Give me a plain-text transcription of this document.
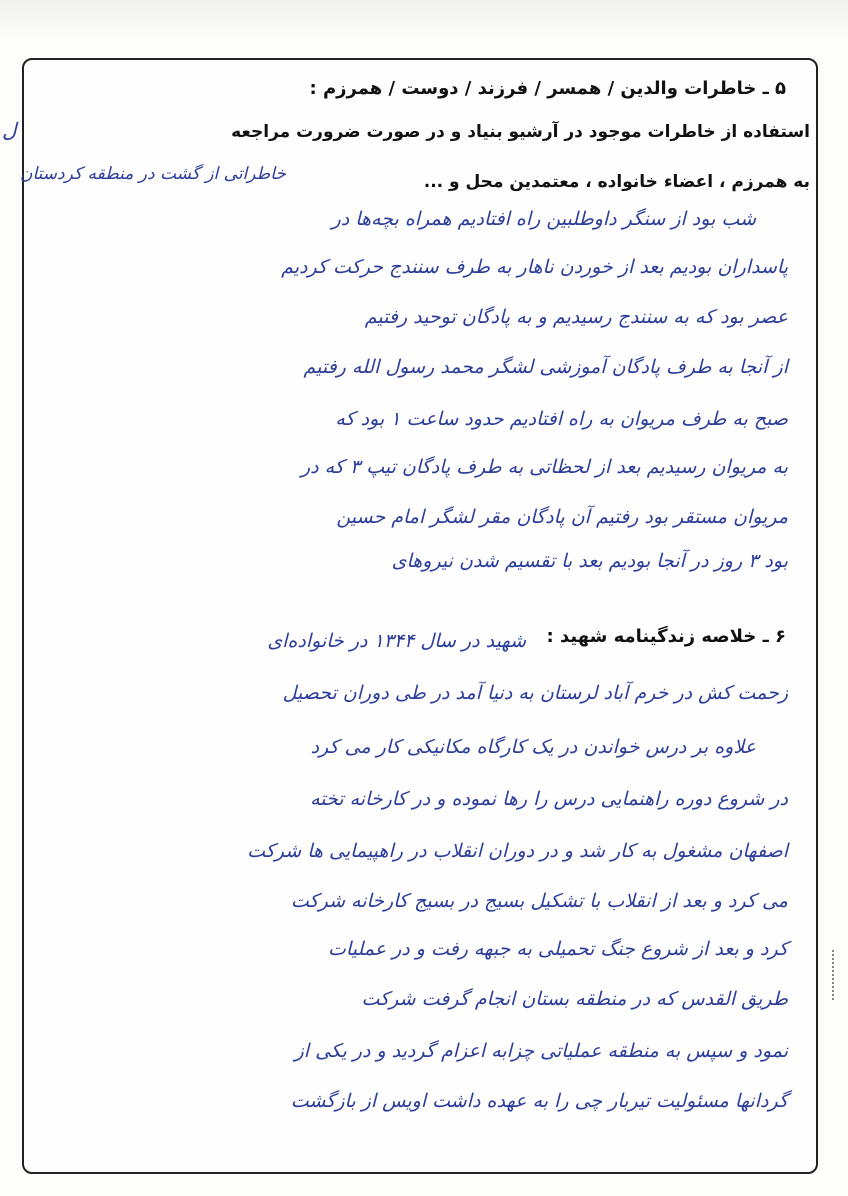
ل
۵ ـ خاطرات والدین / همسر / فرزند / دوست / همرزم :
استفاده از خاطرات موجود در آرشیو بنیاد و در صورت ضرورت مراجعه
به همرزم ، اعضاء خانواده ، معتمدین محل و ...
خاطراتی از گشت در منطقه کردستان
شب بود از سنگر داوطلبین راه افتادیم همراه بچه‌ها در
پاسداران بودیم بعد از خوردن ناهار به طرف سنندج حرکت کردیم
عصر بود که به سنندج رسیدیم و به پادگان توحید رفتیم
از آنجا به طرف پادگان آموزشی لشگر محمد رسول الله رفتیم
صبح به طرف مریوان به راه افتادیم حدود ساعت ۱ بود که
به مریوان رسیدیم بعد از لحظاتی به طرف پادگان تیپ ۳ که در
مریوان مستقر بود رفتیم آن پادگان مقر لشگر امام حسین
بود ۳ روز در آنجا بودیم بعد با تقسیم شدن نیروهای
۶ ـ خلاصه زندگینامه شهید :
شهید در سال ۱۳۴۴ در خانواده‌ای
زحمت کش در خرم آباد لرستان به دنیا آمد در طی دوران تحصیل
علاوه بر درس خواندن در یک کارگاه مکانیکی کار می کرد
در شروع دوره راهنمایی درس را رها نموده و در کارخانه تخته
اصفهان مشغول به کار شد و در دوران انقلاب در راهپیمایی ها شرکت
می کرد و بعد از انقلاب با تشکیل بسیج در بسیج کارخانه شرکت
کرد و بعد از شروع جنگ تحمیلی به جبهه رفت و در عملیات
طریق القدس که در منطقه بستان انجام گرفت شرکت
نمود و سپس به منطقه عملیاتی چزابه اعزام گردید و در یکی از
گردانها مسئولیت تیربار چی را به عهده داشت اویس از بازگشت
